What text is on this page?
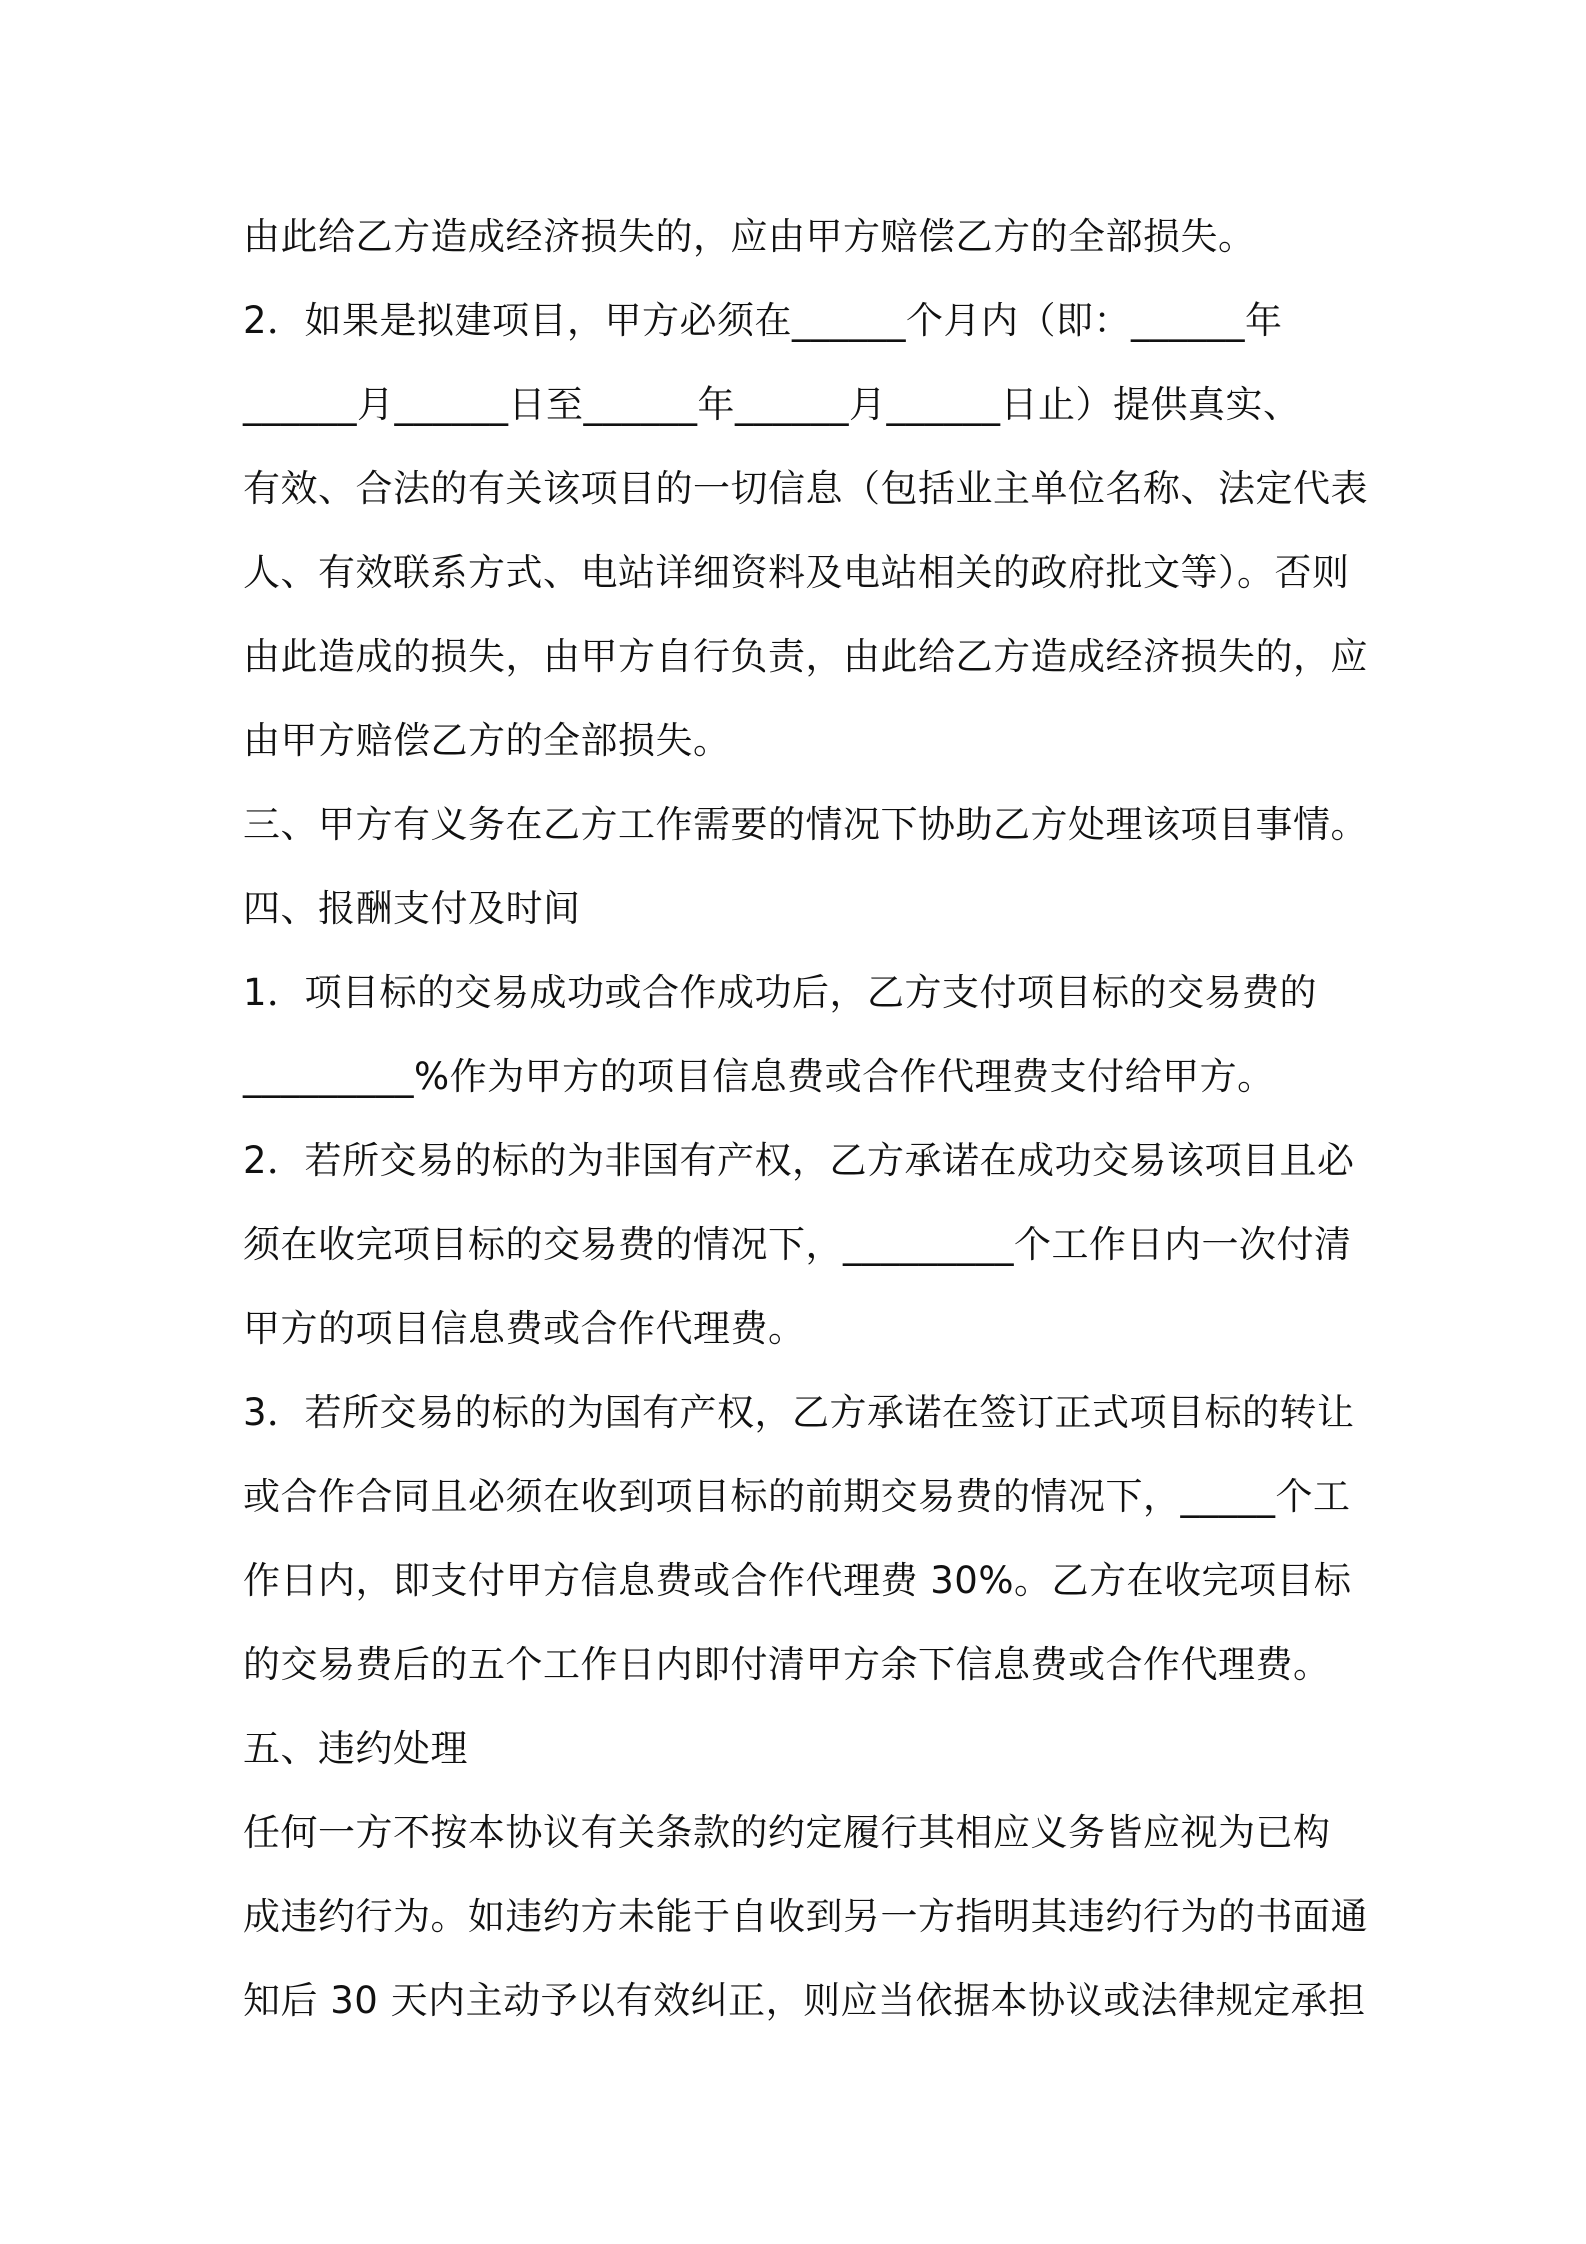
由此给乙方造成经济损失的，应由甲方赔偿乙方的全部损失。
2．如果是拟建项目，甲方必须在______个月内（即：______年
______月______日至______年______月______日止）提供真实、
有效、合法的有关该项目的一切信息（包括业主单位名称、法定代表
人、有效联系方式、电站详细资料及电站相关的政府批文等）。否则
由此造成的损失，由甲方自行负责，由此给乙方造成经济损失的，应
由甲方赔偿乙方的全部损失。
三、甲方有义务在乙方工作需要的情况下协助乙方处理该项目事情。
四、报酬支付及时间
1．项目标的交易成功或合作成功后，乙方支付项目标的交易费的
_________%作为甲方的项目信息费或合作代理费支付给甲方。
2．若所交易的标的为非国有产权，乙方承诺在成功交易该项目且必
须在收完项目标的交易费的情况下，_________个工作日内一次付清
甲方的项目信息费或合作代理费。
3．若所交易的标的为国有产权，乙方承诺在签订正式项目标的转让
或合作合同且必须在收到项目标的前期交易费的情况下，_____个工
作日内，即支付甲方信息费或合作代理费 30%。乙方在收完项目标
的交易费后的五个工作日内即付清甲方余下信息费或合作代理费。
五、违约处理
任何一方不按本协议有关条款的约定履行其相应义务皆应视为已构
成违约行为。如违约方未能于自收到另一方指明其违约行为的书面通
知后 30 天内主动予以有效纠正，则应当依据本协议或法律规定承担
